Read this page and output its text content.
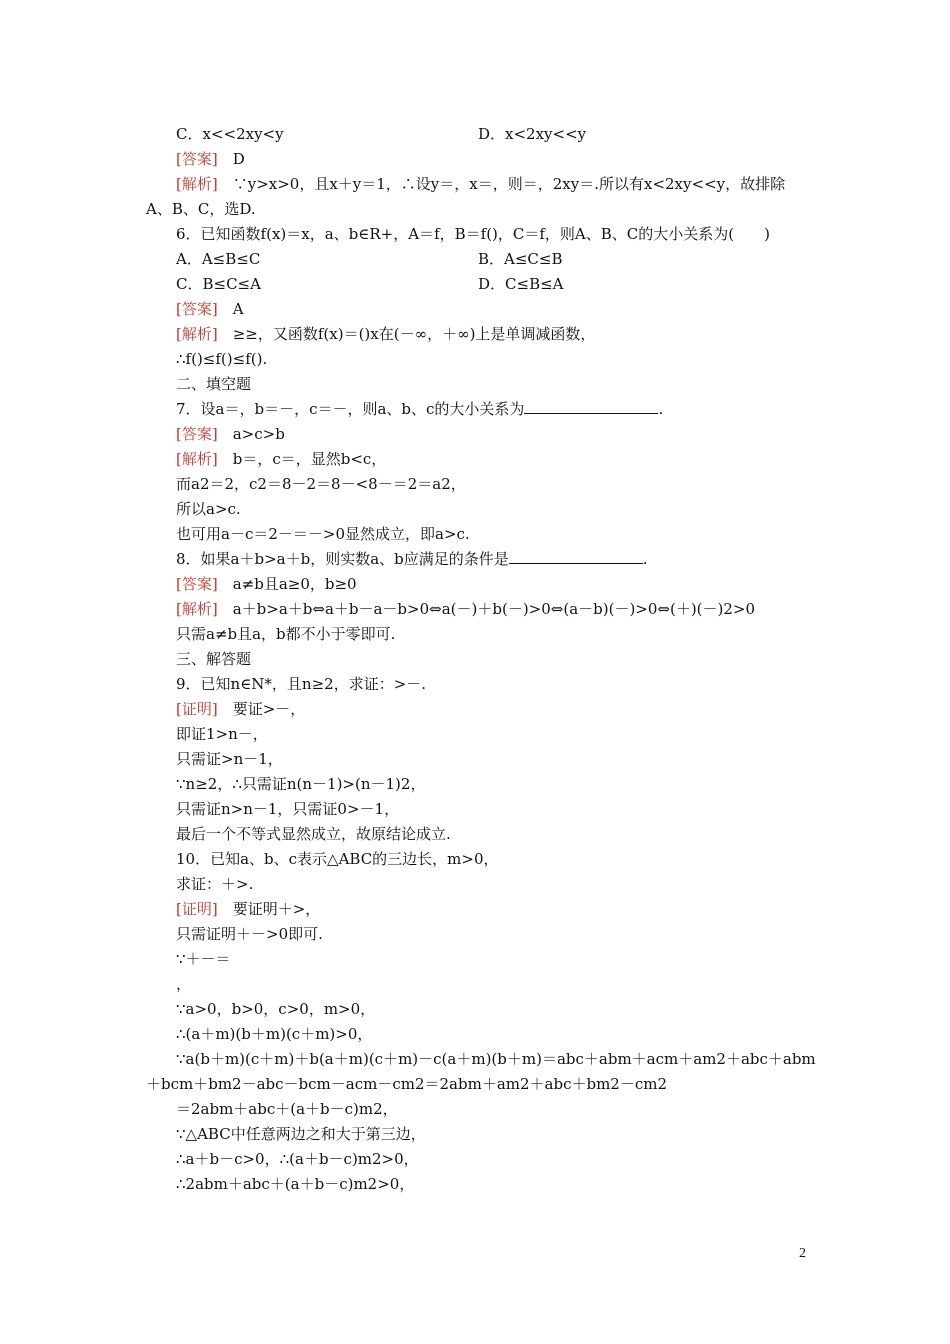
C．x<<2xy<y	D．x<2xy<<y
[答案]　D
[解析]　∵y>x>0，且x＋y＝1，∴设y＝，x＝，则＝，2xy＝.所以有x<2xy<<y，故排除
A、B、C，选D.
6．已知函数f(x)＝x，a、b∈R+，A＝f，B＝f()，C＝f，则A、B、C的大小关系为(　　)
A．A≤B≤C	B．A≤C≤B
C．B≤C≤A	D．C≤B≤A
[答案]　A
[解析]　≥≥，又函数f(x)＝()x在(－∞，＋∞)上是单调减函数，
∴f()≤f()≤f().
二、填空题
7．设a＝，b＝－，c＝－，则a、b、c的大小关系为	.
[答案]　a>c>b
[解析]　b＝，c＝，显然b<c，
而a2＝2，c2＝8－2＝8－<8－＝2＝a2，
所以a>c.
也可用a－c＝2－＝－>0显然成立，即a>c.
8．如果a＋b>a＋b，则实数a、b应满足的条件是	.
[答案]　a≠b且a≥0，b≥0
[解析]　a＋b>a＋b⇔a＋b－a－b>0⇔a(－)＋b(－)>0⇔(a－b)(－)>0⇔(＋)(－)2>0
只需a≠b且a，b都不小于零即可.
三、解答题
9．已知n∈N*，且n≥2，求证：>－.
[证明]　要证>－，
即证1>n－，
只需证>n－1，
∵n≥2，∴只需证n(n－1)>(n－1)2，
只需证n>n－1，只需证0>－1，
最后一个不等式显然成立，故原结论成立.
10．已知a、b、c表示△ABC的三边长，m>0，
求证：＋>.
[证明]　要证明＋>，
只需证明＋－>0即可.
∵＋－＝
，
∵a>0，b>0，c>0，m>0，
∴(a＋m)(b＋m)(c＋m)>0，
∵a(b＋m)(c＋m)＋b(a＋m)(c＋m)－c(a＋m)(b＋m)＝abc＋abm＋acm＋am2＋abc＋abm
＋bcm＋bm2－abc－bcm－acm－cm2＝2abm＋am2＋abc＋bm2－cm2
＝2abm＋abc＋(a＋b－c)m2，
∵△ABC中任意两边之和大于第三边，
∴a＋b－c>0，∴(a＋b－c)m2>0，
∴2abm＋abc＋(a＋b－c)m2>0，
2
